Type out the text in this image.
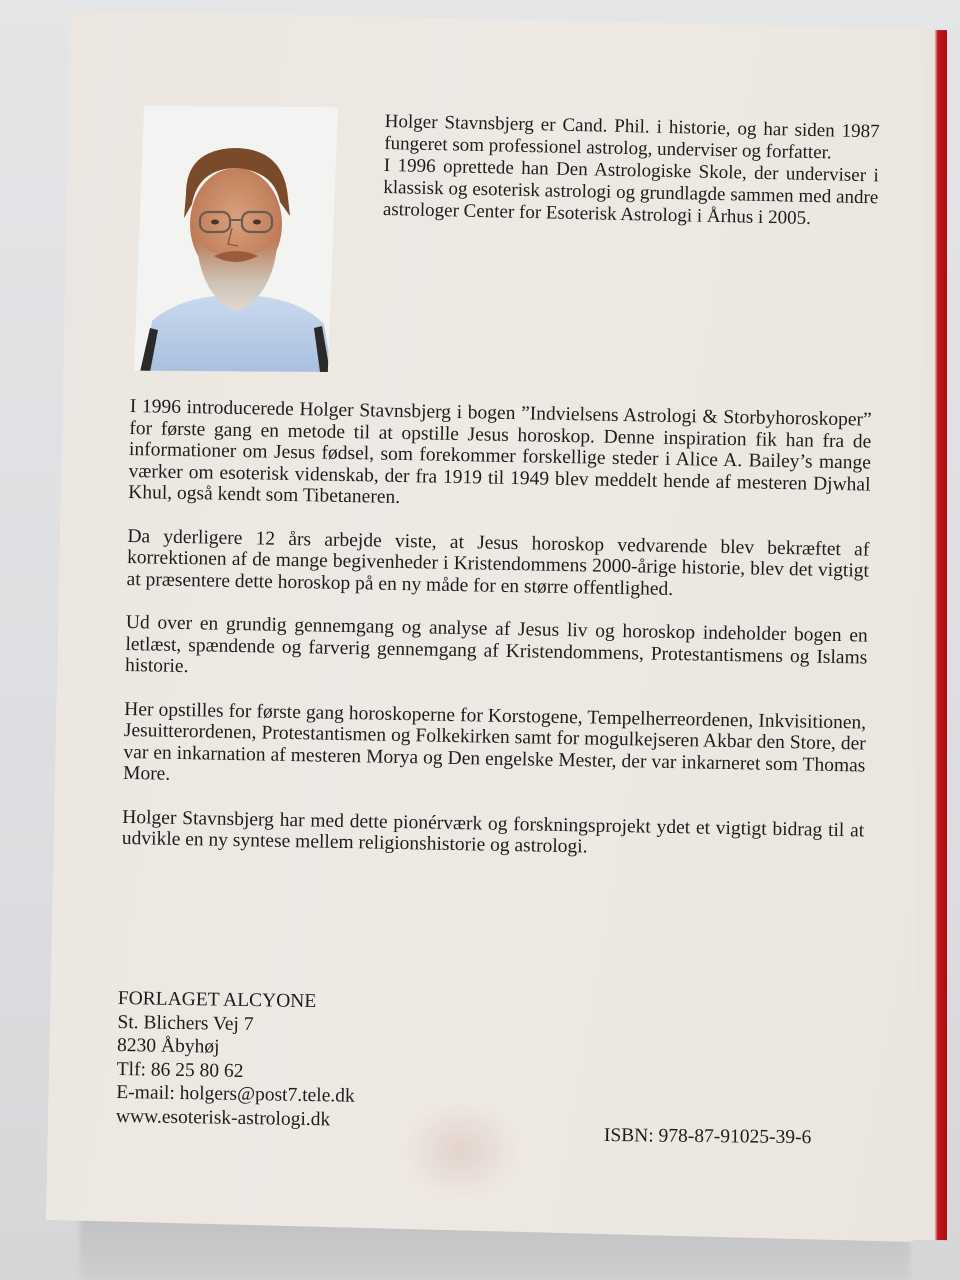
Holger Stavnsbjerg er Cand. Phil. i historie, og har siden 1987 fungeret som professionel astrolog, underviser og forfatter.

I 1996 oprettede han Den Astrologiske Skole, der underviser i klassisk og esoterisk astrologi og grundlagde sammen med andre astrologer Center for Esoterisk Astrologi i Århus i 2005.

I 1996 introducerede Holger Stavnsbjerg i bogen ”Indvielsens Astrologi & Storbyhoroskoper” for første gang en metode til at opstille Jesus horoskop. Denne inspiration fik han fra de informationer om Jesus fødsel, som forekommer forskellige steder i Alice A. Bailey’s mange værker om esoterisk videnskab, der fra 1919 til 1949 blev meddelt hende af mesteren Djwhal Khul, også kendt som Tibetaneren.

Da yderligere 12 års arbejde viste, at Jesus horoskop vedvarende blev bekræftet af korrektionen af de mange begivenheder i Kristendommens 2000-årige historie, blev det vigtigt at præsentere dette horoskop på en ny måde for en større offentlighed.

Ud over en grundig gennemgang og analyse af Jesus liv og horoskop indeholder bogen en letlæst, spændende og farverig gennemgang af Kristendommens, Protestantismens og Islams historie.

Her opstilles for første gang horoskoperne for Korstogene, Tempelherreordenen, Inkvisitionen, Jesuitterordenen, Protestantismen og Folkekirken samt for mogulkejseren Akbar den Store, der var en inkarnation af mesteren Morya og Den engelske Mester, der var inkarneret som Thomas More.

Holger Stavnsbjerg har med dette pionérværk og forskningsprojekt ydet et vigtigt bidrag til at udvikle en ny syntese mellem religionshistorie og astrologi.

FORLAGET ALCYONE
St. Blichers Vej 7
8230 Åbyhøj
Tlf: 86 25 80 62
E-mail: holgers@post7.tele.dk
www.esoterisk-astrologi.dk
ISBN: 978-87-91025-39-6
